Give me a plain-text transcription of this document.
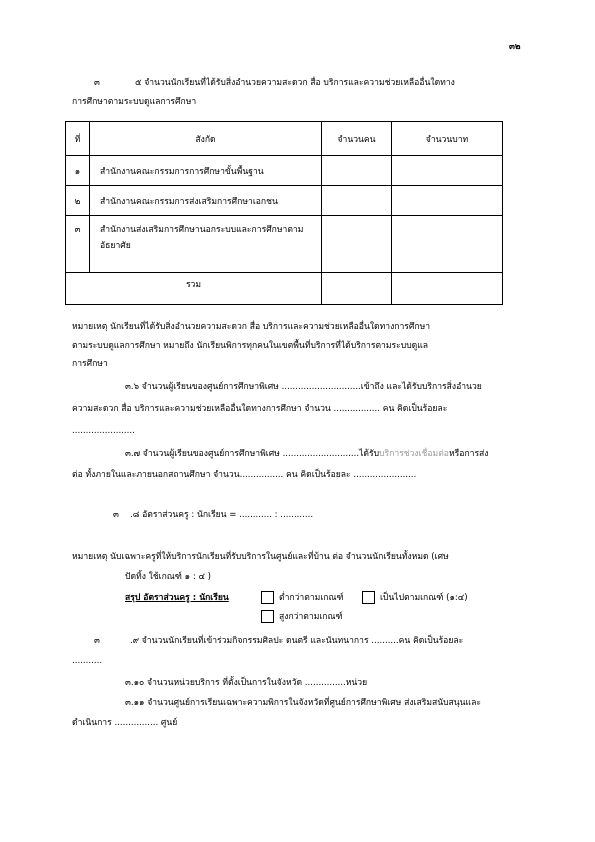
๓๒
๓	๕ จำนวนนักเรียนที่ได้รับสิ่งอำนวยความสะดวก สื่อ บริการและความช่วยเหลืออื่นใดทาง
การศึกษาตามระบบดูแลการศึกษา
ที่	สังกัด	จำนวนคน	จำนวนบาท
๑	สำนักงานคณะกรรมการการศึกษาขั้นพื้นฐาน		
๒	สำนักงานคณะกรรมการส่งเสริมการศึกษาเอกชน		
๓	สำนักงานส่งเสริมการศึกษานอกระบบและการศึกษาตามอัธยาศัย		
รวม			
หมายเหตุ นักเรียนที่ได้รับสิ่งอำนวยความสะดวก สื่อ บริการและความช่วยเหลืออื่นใดทางการศึกษา
ตามระบบดูแลการศึกษา หมายถึง นักเรียนพิการทุกคนในเขตพื้นที่บริการที่ได้บริการตามระบบดูแล
การศึกษา
๓.๖ จำนวนผู้เรียนของศูนย์การศึกษาพิเศษ .............................เข้าถึง และได้รับบริการสิ่งอำนวย
ความสะดวก สื่อ บริการและความช่วยเหลืออื่นใดทางการศึกษา จำนวน ................. คน คิดเป็นร้อยละ
.......................
๓.๗ จำนวนผู้เรียนของศูนย์การศึกษาพิเศษ ............................ได้รับบริการช่วงเชื่อมต่อหรือการส่ง
ต่อ ทั้งภายในและภายนอกสถานศึกษา จำนวน................ คน คิดเป็นร้อยละ .......................
๓ .๘ อัตราส่วนครู : นักเรียน = ............ : ............
หมายเหตุ นับเฉพาะครูที่ให้บริการนักเรียนที่รับบริการในศูนย์และที่บ้าน ต่อ จำนวนนักเรียนทั้งหมด (เศษ
ปัดทิ้ง ใช้เกณฑ์ ๑ : ๔ )
สรุป อัตราส่วนครู : นักเรียน	ต่ำกว่าตามเกณฑ์	เป็นไปตามเกณฑ์ (๑:๔)
สูงกว่าตามเกณฑ์
๓	.๙ จำนวนนักเรียนที่เข้าร่วมกิจกรรมศิลปะ ดนตรี และนันทนาการ ..........คน คิดเป็นร้อยละ
...........
๓.๑๐ จำนวนหน่วยบริการ ที่ตั้งเป็นการในจังหวัด ...............หน่วย
๓.๑๑ จำนวนศูนย์การเรียนเฉพาะความพิการในจังหวัดที่ศูนย์การศึกษาพิเศษ ส่งเสริมสนับสนุนและ
ดำเนินการ ................ ศูนย์
